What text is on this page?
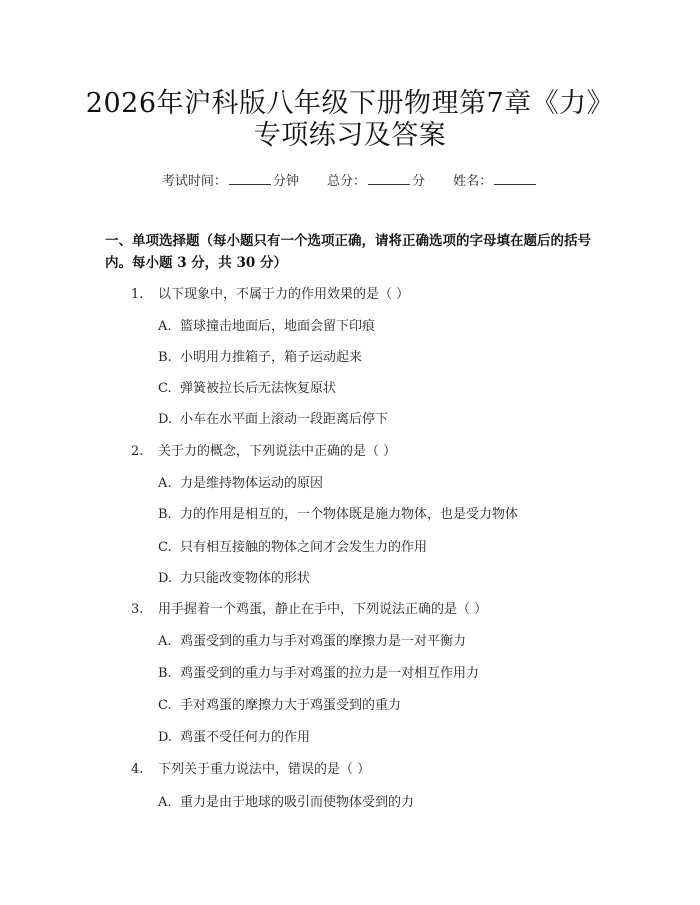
2026年沪科版八年级下册物理第7章《力》
专项练习及答案
考试时间：	分钟 总分：	分 姓名：
一、单项选择题（每小题只有一个选项正确，请将正确选项的字母填在题后的括号内。每小题 3 分，共 30 分）
1. 以下现象中，不属于力的作用效果的是（ ）
A. 篮球撞击地面后，地面会留下印痕
B. 小明用力推箱子，箱子运动起来
C. 弹簧被拉长后无法恢复原状
D. 小车在水平面上滚动一段距离后停下
2. 关于力的概念，下列说法中正确的是（ ）
A. 力是维持物体运动的原因
B. 力的作用是相互的，一个物体既是施力物体，也是受力物体
C. 只有相互接触的物体之间才会发生力的作用
D. 力只能改变物体的形状
3. 用手握着一个鸡蛋，静止在手中，下列说法正确的是（ ）
A. 鸡蛋受到的重力与手对鸡蛋的摩擦力是一对平衡力
B. 鸡蛋受到的重力与手对鸡蛋的拉力是一对相互作用力
C. 手对鸡蛋的摩擦力大于鸡蛋受到的重力
D. 鸡蛋不受任何力的作用
4. 下列关于重力说法中，错误的是（ ）
A. 重力是由于地球的吸引而使物体受到的力
